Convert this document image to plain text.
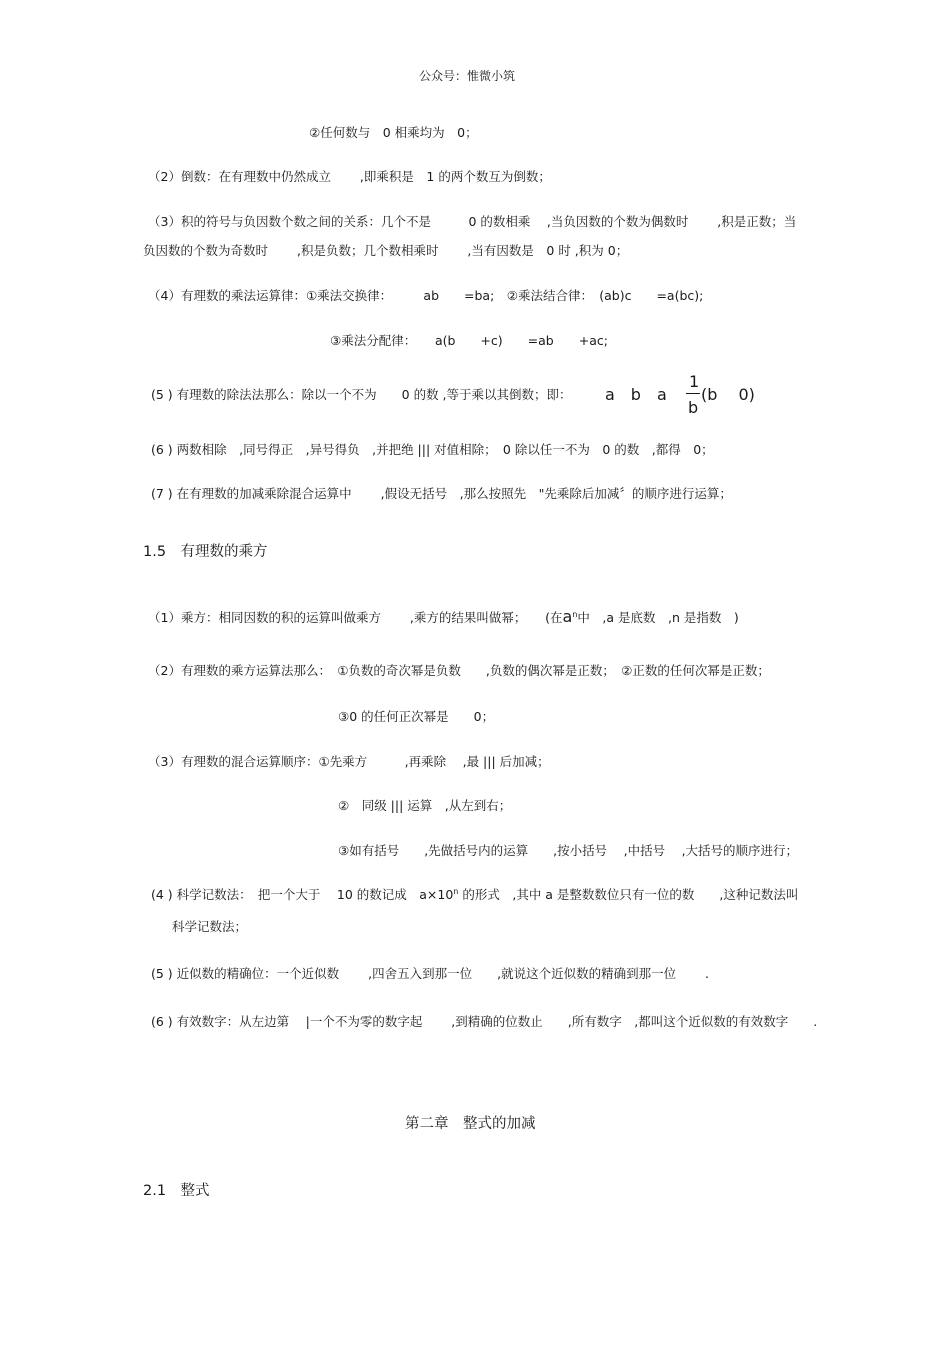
公众号：惟微小筑
②任何数与　0 相乘均为　0；
（2）倒数：在有理数中仍然成立　　 ,即乘积是　1 的两个数互为倒数；
（3）积的符号与负因数个数之间的关系：几个不是　　　0 的数相乘　 ,当负因数的个数为偶数时　　 ,积是正数；当
负因数的个数为奇数时　　 ,积是负数；几个数相乘时　　 ,当有因数是　0 时 ,积为 0；
（4）有理数的乘法运算律：①乘法交换律：　　　ab　　=ba;　②乘法结合律：　(ab)c　　=a(bc);
③乘法分配律：　　a(b　　+c)　　=ab　　+ac;
(5 ) 有理数的除法法那么：除以一个不为　　0 的数 ,等于乘以其倒数；即： a　b　a
1
b
(b　 0)
(6 ) 两数相除　,同号得正　,异号得负　,并把绝 ||| 对值相除；　0 除以任一不为　0 的数　,都得　0；
(7 ) 在有理数的加减乘除混合运算中　　 ,假设无括号　,那么按照先　"先乘除后加减〞的顺序进行运算；
1.5　有理数的乘方
（1）乘方：相同因数的积的运算叫做乘方　　 ,乘方的结果叫做幂；　　(在$a^n$中　,a 是底数　,n 是指数　)
（2）有理数的乘方运算法那么：　①负数的奇次幂是负数　　,负数的偶次幂是正数；　②正数的任何次幂是正数；
③0 的任何正次幂是　　0；
（3）有理数的混合运算顺序：①先乘方　　　,再乘除　 ,最 ||| 后加减；
②　同级 ||| 运算　,从左到右；
③如有括号　　,先做括号内的运算　　,按小括号　 ,中括号　 ,大括号的顺序进行；
(4 ) 科学记数法：　把一个大于　 10 的数记成　$a\times 10^n$ 的形式　,其中 a 是整数数位只有一位的数　　,这种记数法叫
科学记数法；
(5 ) 近似数的精确位：一个近似数　　 ,四舍五入到那一位　　,就说这个近似数的精确到那一位　　 .
(6 ) 有效数字：从左边第　 |一个不为零的数字起　　 ,到精确的位数止　　,所有数字　,都叫这个近似数的有效数字　　.
第二章　整式的加减
2.1　整式
